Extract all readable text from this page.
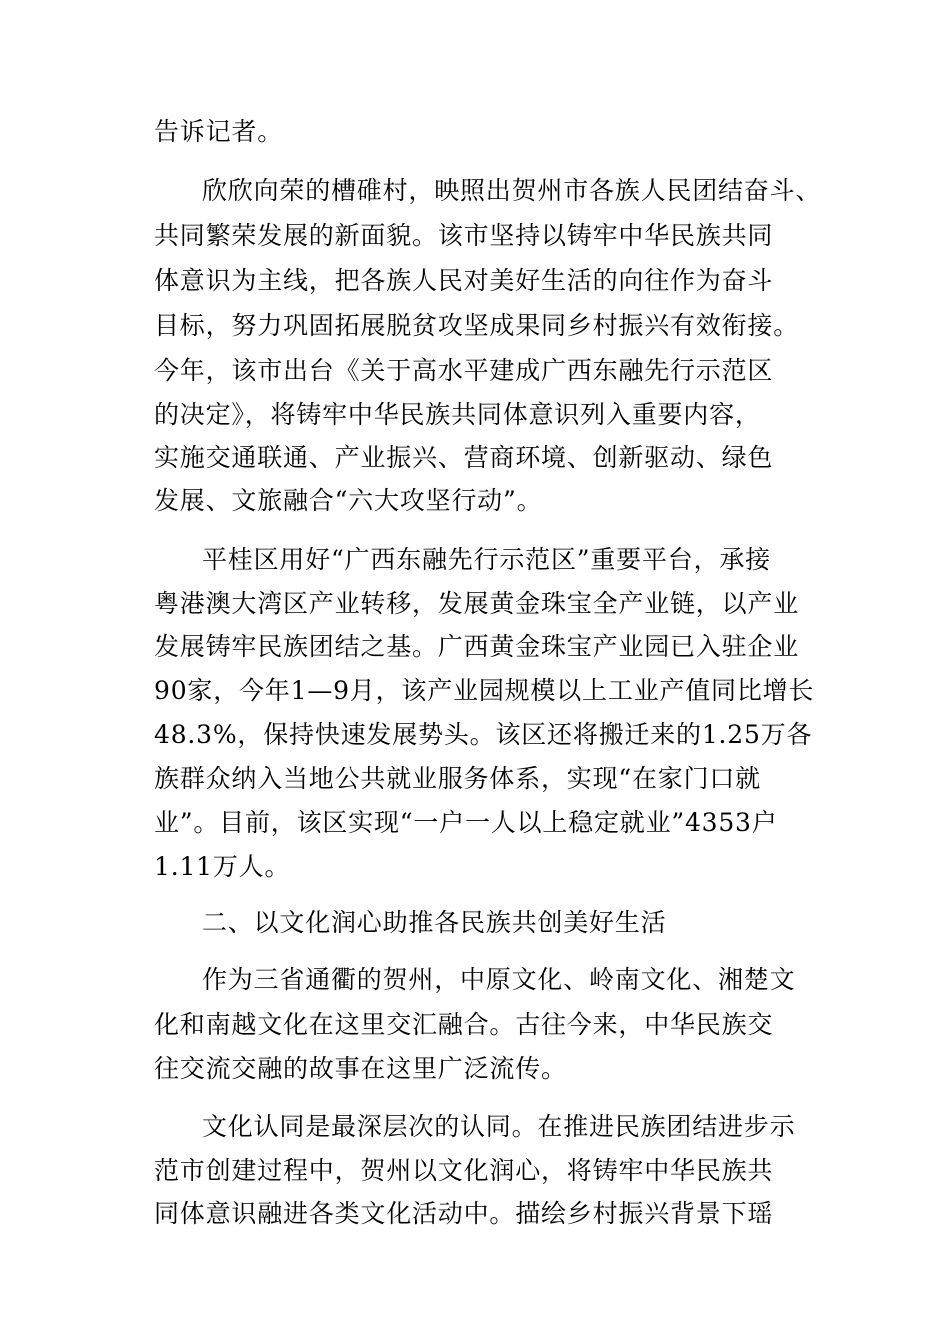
告诉记者。
欣欣向荣的槽碓村，映照出贺州市各族人民团结奋斗、
共同繁荣发展的新面貌。该市坚持以铸牢中华民族共同
体意识为主线，把各族人民对美好生活的向往作为奋斗
目标，努力巩固拓展脱贫攻坚成果同乡村振兴有效衔接。
今年，该市出台《关于高水平建成广西东融先行示范区
的决定》，将铸牢中华民族共同体意识列入重要内容，
实施交通联通、产业振兴、营商环境、创新驱动、绿色
发展、文旅融合“六大攻坚行动”。
平桂区用好“广西东融先行示范区”重要平台，承接
粤港澳大湾区产业转移，发展黄金珠宝全产业链，以产业
发展铸牢民族团结之基。广西黄金珠宝产业园已入驻企业
90家，今年1—9月，该产业园规模以上工业产值同比增长
48.3%，保持快速发展势头。该区还将搬迁来的1.25万各
族群众纳入当地公共就业服务体系，实现“在家门口就
业”。目前，该区实现“一户一人以上稳定就业”4353户
1.11万人。
二、以文化润心助推各民族共创美好生活
作为三省通衢的贺州，中原文化、岭南文化、湘楚文
化和南越文化在这里交汇融合。古往今来，中华民族交
往交流交融的故事在这里广泛流传。
文化认同是最深层次的认同。在推进民族团结进步示
范市创建过程中，贺州以文化润心，将铸牢中华民族共
同体意识融进各类文化活动中。描绘乡村振兴背景下瑶
